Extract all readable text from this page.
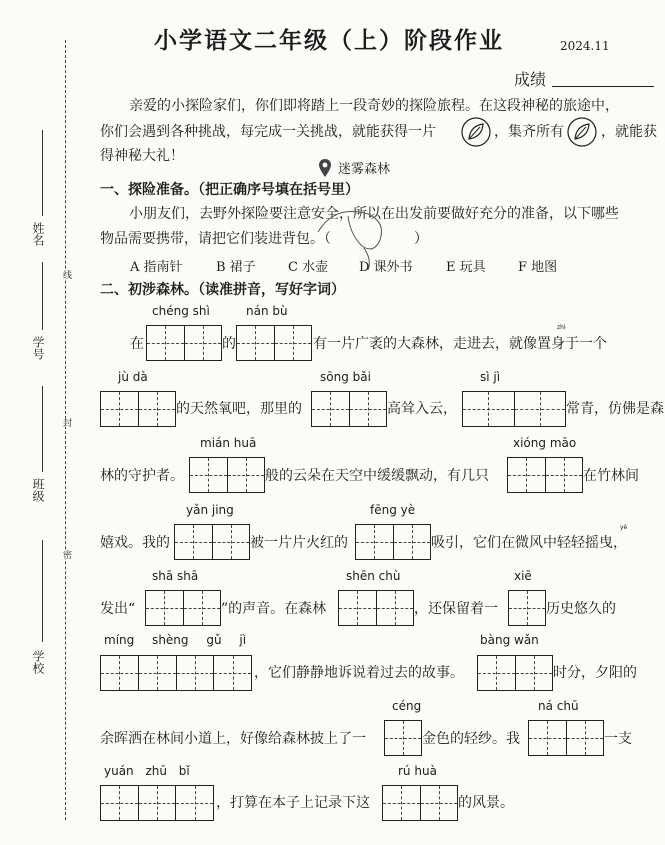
姓名
学号
班级
学校
线
封
密
小学语文二年级（上）阶段作业	2024.11
成绩
亲爱的小探险家们，你们即将踏上一段奇妙的探险旅程。在这段神秘的旅途中，
你们会遇到各种挑战，每完成一关挑战，就能获得一片	，集齐所有	，就能获
得神秘大礼！
迷雾森林
一、探险准备。（把正确序号填在括号里）
小朋友们，去野外探险要注意安全，所以在出发前要做好充分的准备，以下哪些
物品需要携带，请把它们装进背包。（	）
A 指南针	B 裙子 C 水壶 D 课外书	E 玩具 F 地图
二、初涉森林。（读准拼音，写好字词）
chéng shì	nán bù
zhì
在	的	有一片广袤的大森林，走进去，就像置身于一个
jù dà	sōng bǎi	sì jì
的天然氧吧，那里的	高耸入云，	常青，仿佛是森
mián huā	xióng māo
林的守护者。	般的云朵在天空中缓缓飘动，有几只	在竹林间
yǎn jing	fēng yè
yè
嬉戏。我的	被一片片火红的	吸引，它们在微风中轻轻摇曳，
shā shā	shēn chù	xiē
发出“	”的声音。在森林	，还保留着一	历史悠久的
míng shèng gǔ jì	bàng wǎn
，它们静静地诉说着过去的故事。	时分，夕阳的
céng	ná chū
余晖洒在林间小道上，好像给森林披上了一	金色的轻纱。我	一支
yuán zhū bǐ	rú huà
，打算在本子上记录下这	的风景。
